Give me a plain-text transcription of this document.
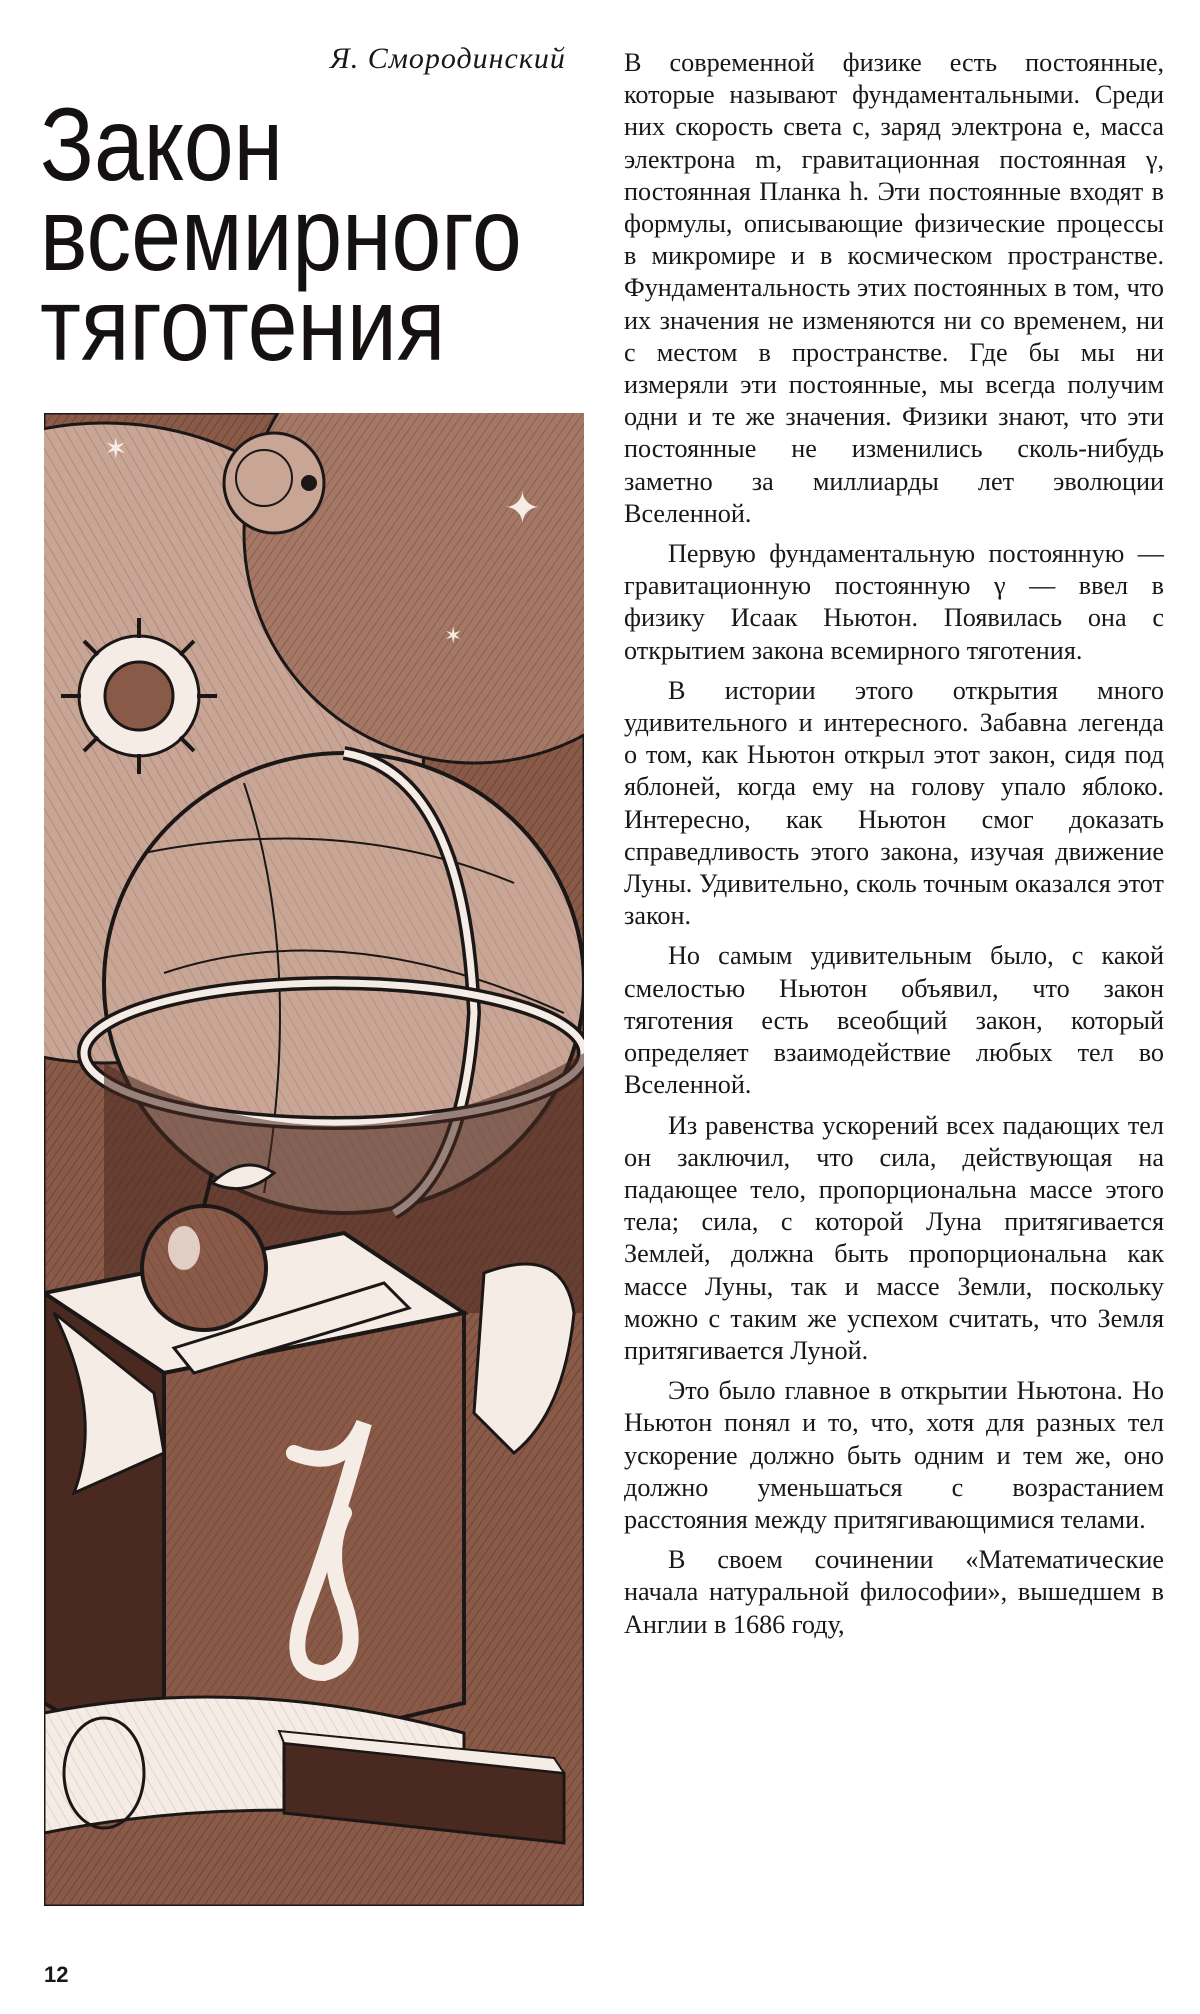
Я. Смородинский
Закон
всемирного
тяготения
✶
✦
✶

В современной физике есть постоянные, которые называют фундаментальными. Среди них скорость света c, заряд электрона e, масса электрона m, гравитационная постоянная γ, постоянная Планка h. Эти постоянные входят в формулы, описывающие физические процессы в микромире и в космическом пространстве. Фундаментальность этих постоянных в том, что их значения не изменяются ни со временем, ни с местом в пространстве. Где бы мы ни измеряли эти постоянные, мы всегда получим одни и те же значения. Физики знают, что эти постоянные не изменились сколь-нибудь заметно за миллиарды лет эволюции Вселенной.

Первую фундаментальную постоянную — гравитационную постоянную γ — ввел в физику Исаак Ньютон. Появилась она с открытием закона всемирного тяготения.

В истории этого открытия много удивительного и интересного. Забавна легенда о том, как Ньютон открыл этот закон, сидя под яблоней, когда ему на голову упало яблоко. Интересно, как Ньютон смог доказать справедливость этого закона, изучая движение Луны. Удивительно, сколь точным оказался этот закон.

Но самым удивительным было, с какой смелостью Ньютон объявил, что закон тяготения есть всеобщий закон, который определяет взаимодействие любых тел во Вселенной.

Из равенства ускорений всех падающих тел он заключил, что сила, действующая на падающее тело, пропорциональна массе этого тела; сила, с которой Луна притягивается Землей, должна быть пропорциональна как массе Луны, так и массе Земли, поскольку можно с таким же успехом считать, что Земля притягивается Луной.

Это было главное в открытии Ньютона. Но Ньютон понял и то, что, хотя для разных тел ускорение должно быть одним и тем же, оно должно уменьшаться с возрастанием расстояния между притягивающимися телами.

В своем сочинении «Математические начала натуральной философии», вышедшем в Англии в 1686 году,

12
